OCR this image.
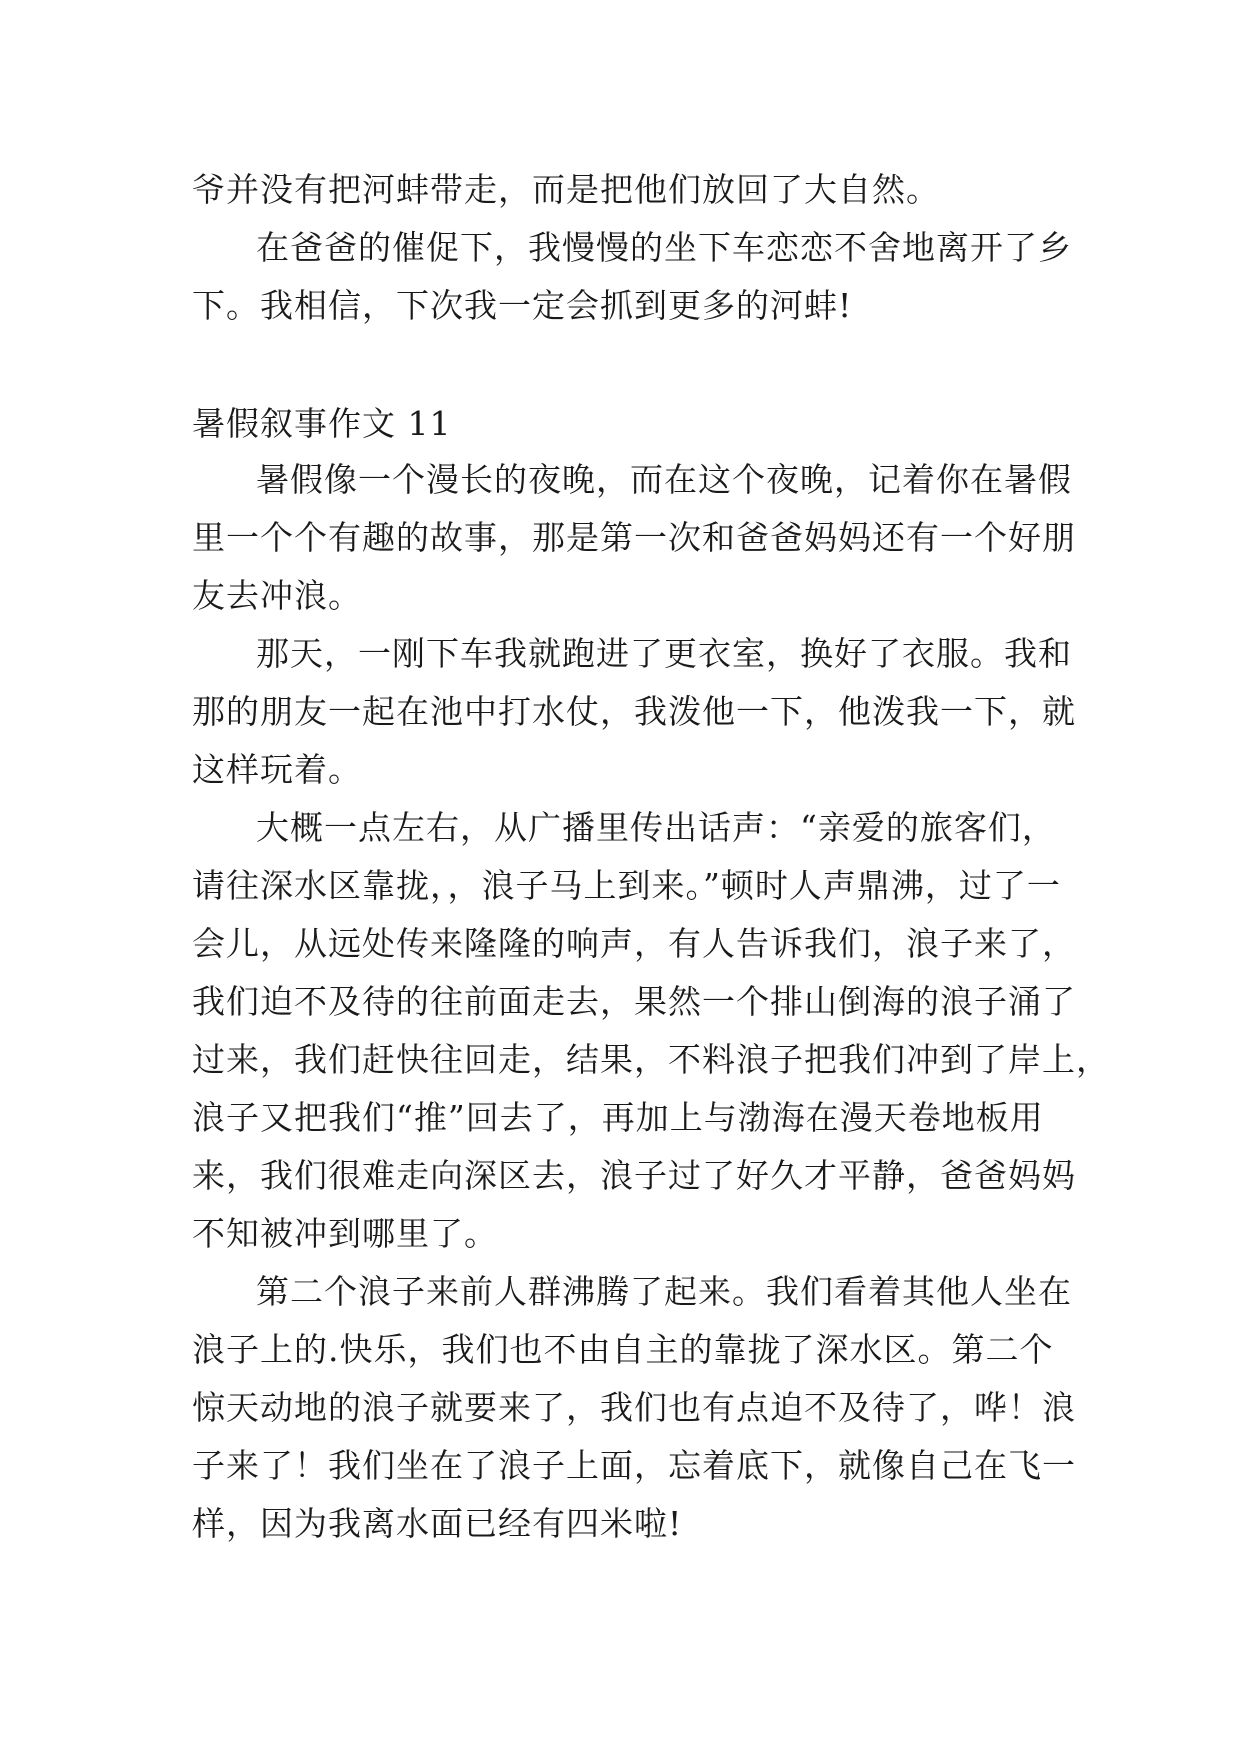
爷并没有把河蚌带走，而是把他们放回了大自然。
在爸爸的催促下，我慢慢的坐下车恋恋不舍地离开了乡
下。我相信，下次我一定会抓到更多的河蚌!
暑假叙事作文 11
暑假像一个漫长的夜晚，而在这个夜晚，记着你在暑假
里一个个有趣的故事，那是第一次和爸爸妈妈还有一个好朋
友去冲浪。
那天，一刚下车我就跑进了更衣室，换好了衣服。我和
那的朋友一起在池中打水仗，我泼他一下，他泼我一下，就
这样玩着。
大概一点左右，从广播里传出话声：“亲爱的旅客们，
请往深水区靠拢，，浪子马上到来。”顿时人声鼎沸，过了一
会儿，从远处传来隆隆的响声，有人告诉我们，浪子来了，
我们迫不及待的往前面走去，果然一个排山倒海的浪子涌了
过来，我们赶快往回走，结果，不料浪子把我们冲到了岸上，
浪子又把我们“推”回去了，再加上与渤海在漫天卷地板用
来，我们很难走向深区去，浪子过了好久才平静，爸爸妈妈
不知被冲到哪里了。
第二个浪子来前人群沸腾了起来。我们看着其他人坐在
浪子上的.快乐，我们也不由自主的靠拢了深水区。第二个
惊天动地的浪子就要来了，我们也有点迫不及待了，哗！浪
子来了！我们坐在了浪子上面，忘着底下，就像自己在飞一
样，因为我离水面已经有四米啦!
